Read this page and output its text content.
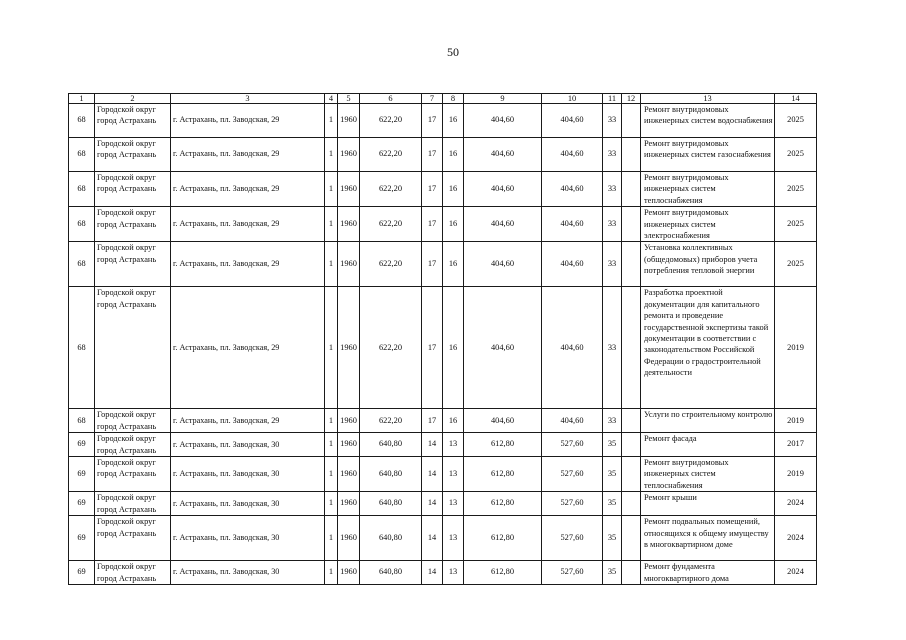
50
1	2	3	4	5	6	7	8	9	10	11	12	13	14
68	Городской округ город Астрахань	г. Астрахань, пл. Заводская, 29	1	1960	622,20	17	16	404,60	404,60	33		Ремонт внутридомовых инженерных систем водоснабжения	2025
68	Городской округ город Астрахань	г. Астрахань, пл. Заводская, 29	1	1960	622,20	17	16	404,60	404,60	33		Ремонт внутридомовых инженерных систем газоснабжения	2025
68	Городской округ город Астрахань	г. Астрахань, пл. Заводская, 29	1	1960	622,20	17	16	404,60	404,60	33		Ремонт внутридомовых инженерных систем теплоснабжения	2025
68	Городской округ город Астрахань	г. Астрахань, пл. Заводская, 29	1	1960	622,20	17	16	404,60	404,60	33		Ремонт внутридомовых инженерных систем электроснабжения	2025
68	Городской округ город Астрахань	г. Астрахань, пл. Заводская, 29	1	1960	622,20	17	16	404,60	404,60	33		Установка коллективных (общедомовых) приборов учета потребления тепловой энергии	2025
68	Городской округ город Астрахань	г. Астрахань, пл. Заводская, 29	1	1960	622,20	17	16	404,60	404,60	33		Разработка проектной документации для капитального ремонта и проведение государственной экспертизы такой документации в соответствии с законодательством Российской Федерации о градостроительной деятельности	2019
68	Городской округ город Астрахань	г. Астрахань, пл. Заводская, 29	1	1960	622,20	17	16	404,60	404,60	33		Услуги по строительному контролю	2019
69	Городской округ город Астрахань	г. Астрахань, пл. Заводская, 30	1	1960	640,80	14	13	612,80	527,60	35		Ремонт фасада	2017
69	Городской округ город Астрахань	г. Астрахань, пл. Заводская, 30	1	1960	640,80	14	13	612,80	527,60	35		Ремонт внутридомовых инженерных систем теплоснабжения	2019
69	Городской округ город Астрахань	г. Астрахань, пл. Заводская, 30	1	1960	640,80	14	13	612,80	527,60	35		Ремонт крыши	2024
69	Городской округ город Астрахань	г. Астрахань, пл. Заводская, 30	1	1960	640,80	14	13	612,80	527,60	35		Ремонт подвальных помещений, относящихся к общему имуществу в многоквартирном доме	2024
69	Городской округ город Астрахань	г. Астрахань, пл. Заводская, 30	1	1960	640,80	14	13	612,80	527,60	35		Ремонт фундамента многоквартирного дома	2024
